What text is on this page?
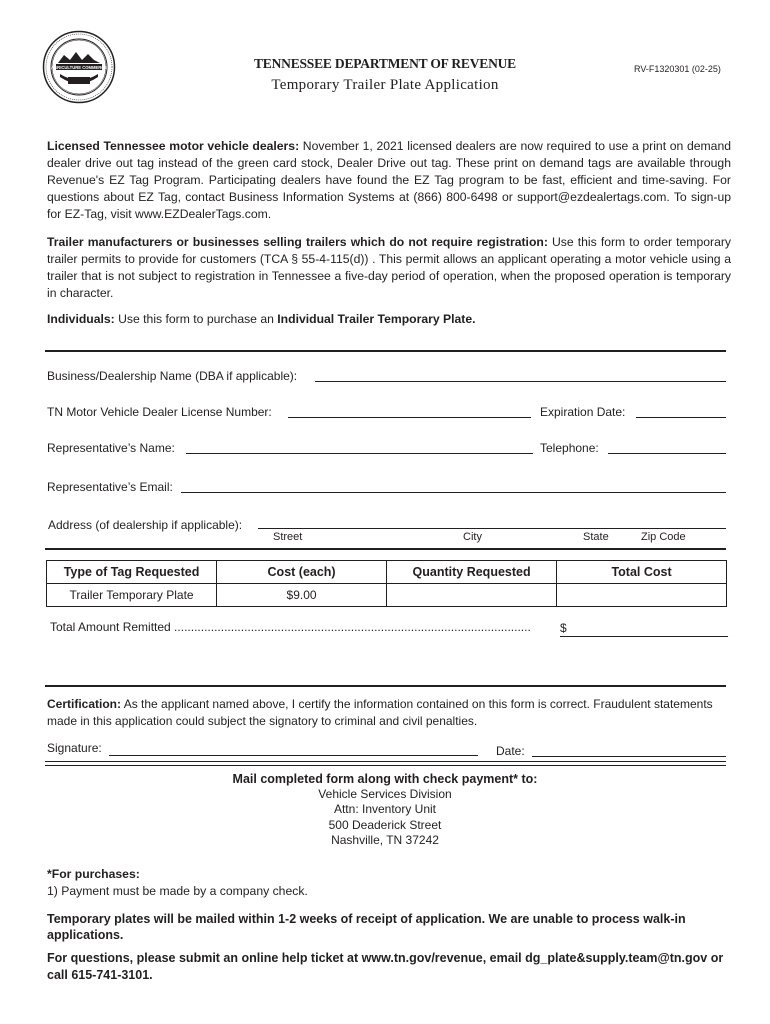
AGRICULTURE COMMERCE	TENNESSEE DEPARTMENT OF REVENUE
Temporary Trailer Plate Application
RV-F1320301 (02-25)
Licensed Tennessee motor vehicle dealers: November 1, 2021 licensed dealers are now required to use a print on demand dealer drive out tag instead of the green card stock, Dealer Drive out tag. These print on demand tags are available through Revenue's EZ Tag Program. Participating dealers have found the EZ Tag program to be fast, efficient and time-saving. For questions about EZ Tag, contact Business Information Systems at (866) 800-6498 or support@ezdealertags.com. To sign-up for EZ-Tag, visit www.EZDealerTags.com.
Trailer manufacturers or businesses selling trailers which do not require registration: Use this form to order temporary trailer permits to provide for customers (TCA § 55-4-115(d)) . This permit allows an applicant operating a motor vehicle using a trailer that is not subject to registration in Tennessee a five-day period of operation, when the proposed operation is temporary in character.
Individuals: Use this form to purchase an Individual Trailer Temporary Plate.
Business/Dealership Name (DBA if applicable):
TN Motor Vehicle Dealer License Number:	Expiration Date:
Representative’s Name:	Telephone:
Representative’s Email:
Address (of dealership if applicable):
Street	City	State	Zip Code
Type of Tag Requested	Cost (each)	Quantity Requested	Total Cost
Trailer Temporary Plate	$9.00		
Total Amount Remitted ...........................................................................................................	$
Certification: As the applicant named above, I certify the information contained on this form is correct. Fraudulent statements made in this application could subject the signatory to criminal and civil penalties.
Signature:	Date:
Mail completed form along with check payment* to:
Vehicle Services Division
Attn: Inventory Unit
500 Deaderick Street
Nashville, TN 37242
*For purchases:
1) Payment must be made by a company check.
Temporary plates will be mailed within 1-2 weeks of receipt of application. We are unable to process walk-in applications.
For questions, please submit an online help ticket at www.tn.gov/revenue, email dg_plate&supply.team@tn.gov or call 615-741-3101.
